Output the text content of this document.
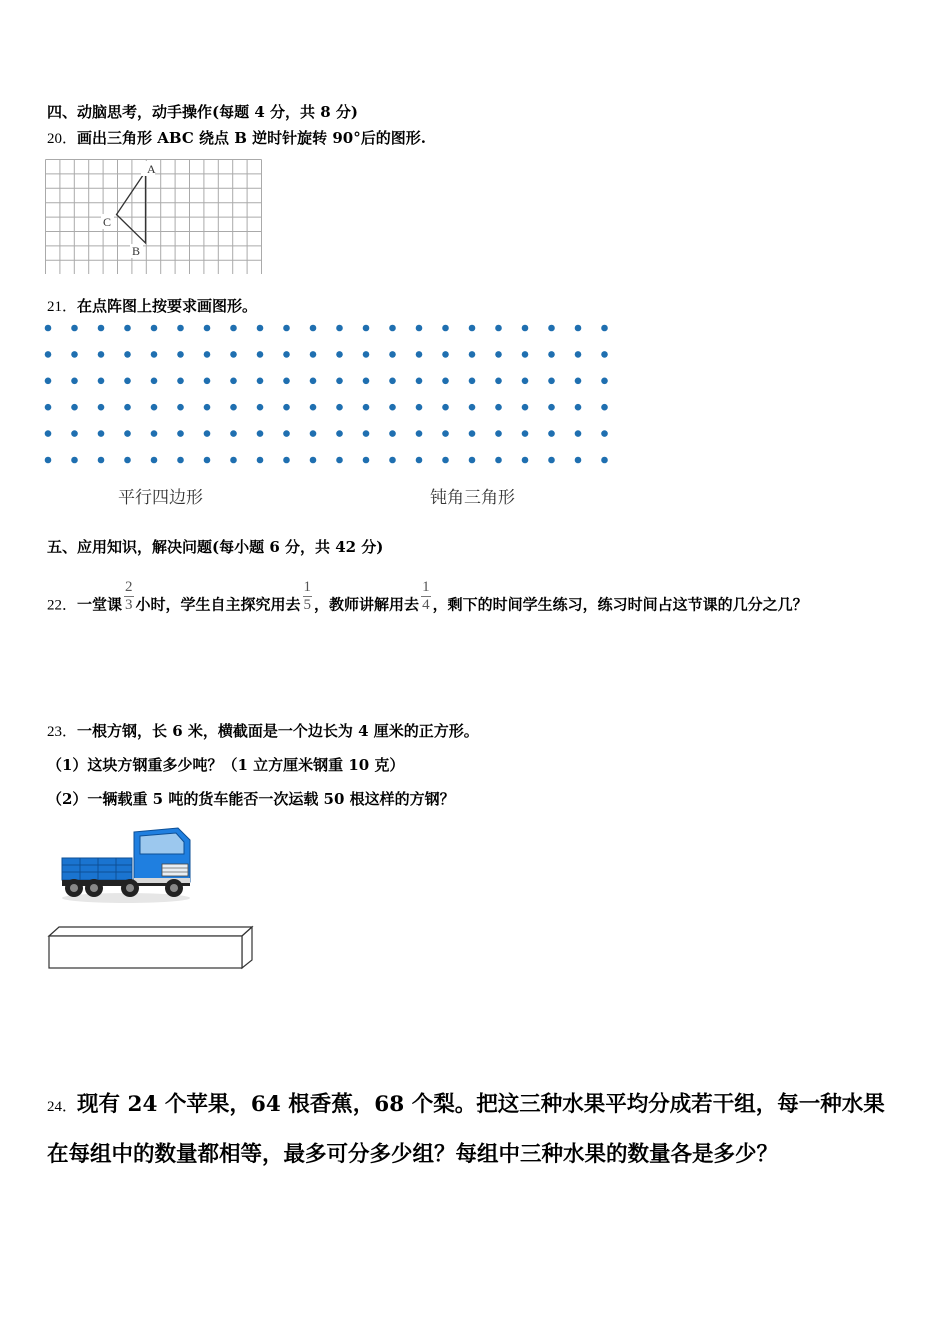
四、动脑思考，动手操作(每题 4 分，共 8 分)
20．画出三角形 ABC 绕点 B 逆时针旋转 90°后的图形.
A
C
B
21．在点阵图上按要求画图形。
平行四边形	钝角三角形
五、应用知识，解决问题(每小题 6 分，共 42 分)
22．一堂课 $\frac{2}{3}$ 小时，学生自主探究用去 $\frac{1}{5}$ ，教师讲解用去 $\frac{1}{4}$ ，剩下的时间学生练习，练习时间占这节课的几分之几？
23．一根方钢，长 6 米，横截面是一个边长为 4 厘米的正方形。
（1）这块方钢重多少吨？（1 立方厘米钢重 10 克）
（2）一辆载重 5 吨的货车能否一次运载 50 根这样的方钢？
24．现有 24 个苹果，64 根香蕉，68 个梨。把这三种水果平均分成若干组，每一种水果
在每组中的数量都相等，最多可分多少组？每组中三种水果的数量各是多少？
